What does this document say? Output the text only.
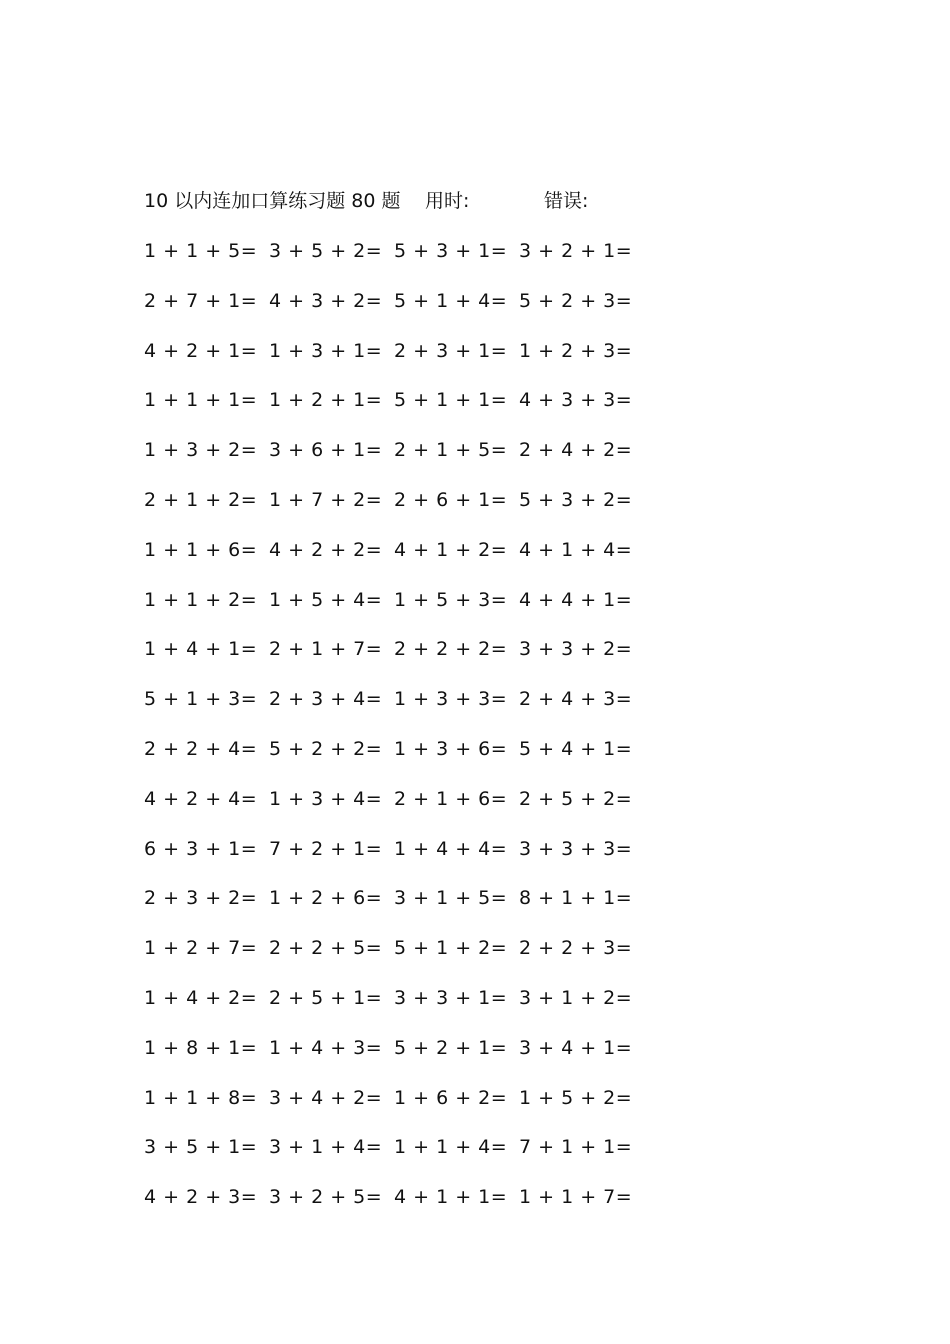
10 以内连加口算练习题 80 题 用时:	错误:
1 + 1 + 5= 3 + 5 + 2= 5 + 3 + 1= 3 + 2 + 1=
2 + 7 + 1= 4 + 3 + 2= 5 + 1 + 4= 5 + 2 + 3=
4 + 2 + 1= 1 + 3 + 1= 2 + 3 + 1= 1 + 2 + 3=
1 + 1 + 1= 1 + 2 + 1= 5 + 1 + 1= 4 + 3 + 3=
1 + 3 + 2= 3 + 6 + 1= 2 + 1 + 5= 2 + 4 + 2=
2 + 1 + 2= 1 + 7 + 2= 2 + 6 + 1= 5 + 3 + 2=
1 + 1 + 6= 4 + 2 + 2= 4 + 1 + 2= 4 + 1 + 4=
1 + 1 + 2= 1 + 5 + 4= 1 + 5 + 3= 4 + 4 + 1=
1 + 4 + 1= 2 + 1 + 7= 2 + 2 + 2= 3 + 3 + 2=
5 + 1 + 3= 2 + 3 + 4= 1 + 3 + 3= 2 + 4 + 3=
2 + 2 + 4= 5 + 2 + 2= 1 + 3 + 6= 5 + 4 + 1=
4 + 2 + 4= 1 + 3 + 4= 2 + 1 + 6= 2 + 5 + 2=
6 + 3 + 1= 7 + 2 + 1= 1 + 4 + 4= 3 + 3 + 3=
2 + 3 + 2= 1 + 2 + 6= 3 + 1 + 5= 8 + 1 + 1=
1 + 2 + 7= 2 + 2 + 5= 5 + 1 + 2= 2 + 2 + 3=
1 + 4 + 2= 2 + 5 + 1= 3 + 3 + 1= 3 + 1 + 2=
1 + 8 + 1= 1 + 4 + 3= 5 + 2 + 1= 3 + 4 + 1=
1 + 1 + 8= 3 + 4 + 2= 1 + 6 + 2= 1 + 5 + 2=
3 + 5 + 1= 3 + 1 + 4= 1 + 1 + 4= 7 + 1 + 1=
4 + 2 + 3= 3 + 2 + 5= 4 + 1 + 1= 1 + 1 + 7=
